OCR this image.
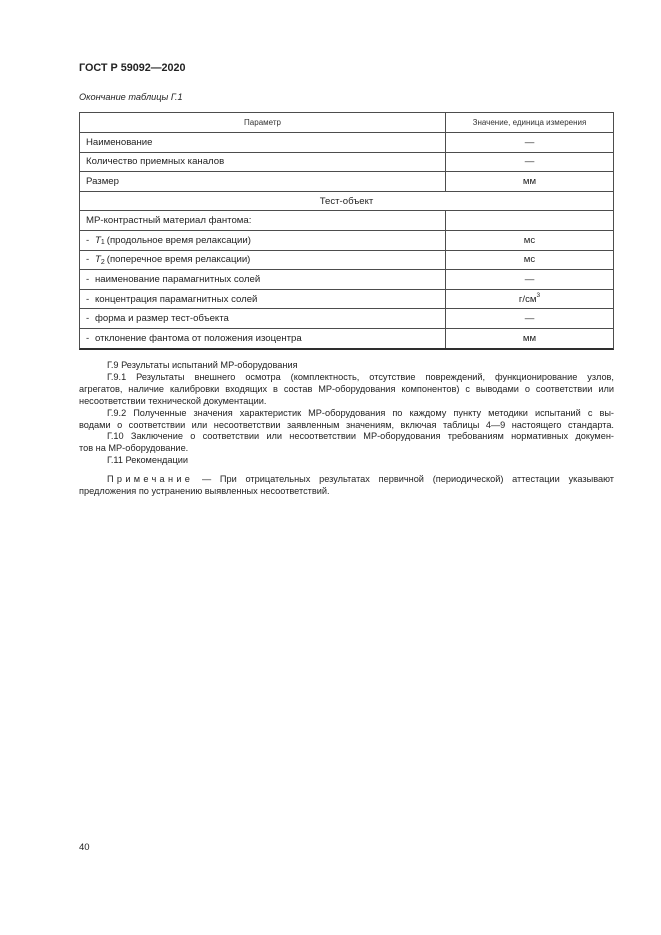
ГОСТ Р 59092—2020
Окончание таблицы Г.1
Параметр	Значение, единица измерения
Наименование	—
Количество приемных каналов	—
Размер	мм
Тест-объект
МР-контрастный материал фантома:
- T 1 (продольное время релаксации)	мс
- T 2 (поперечное время релаксации)	мс
- наименование парамагнитных солей	—
- концентрация парамагнитных солей	г/см 3
- форма и размер тест-объекта	—
- отклонение фантома от положения изоцентра	мм
Г.9 Результаты испытаний МР-оборудования
Г.9.1 Результаты внешнего осмотра (комплектность, отсутствие повреждений, функционирование узлов,
агрегатов, наличие калибровки входящих в состав МР-оборудования компонентов) с выводами о соответствии или
несоответствии технической документации.
Г.9.2 Полученные значения характеристик МР-оборудования по каждому пункту методики испытаний с вы-
водами о соответствии или несоответствии заявленным значениям, включая таблицы 4—9 настоящего стандарта.
Г.10 Заключение о соответствии или несоответствии МР-оборудования требованиям нормативных докумен-
тов на МР-оборудование.
Г.11 Рекомендации
Примечание — При отрицательных результатах первичной (периодической) аттестации указывают
предложения по устранению выявленных несоответствий.
40
